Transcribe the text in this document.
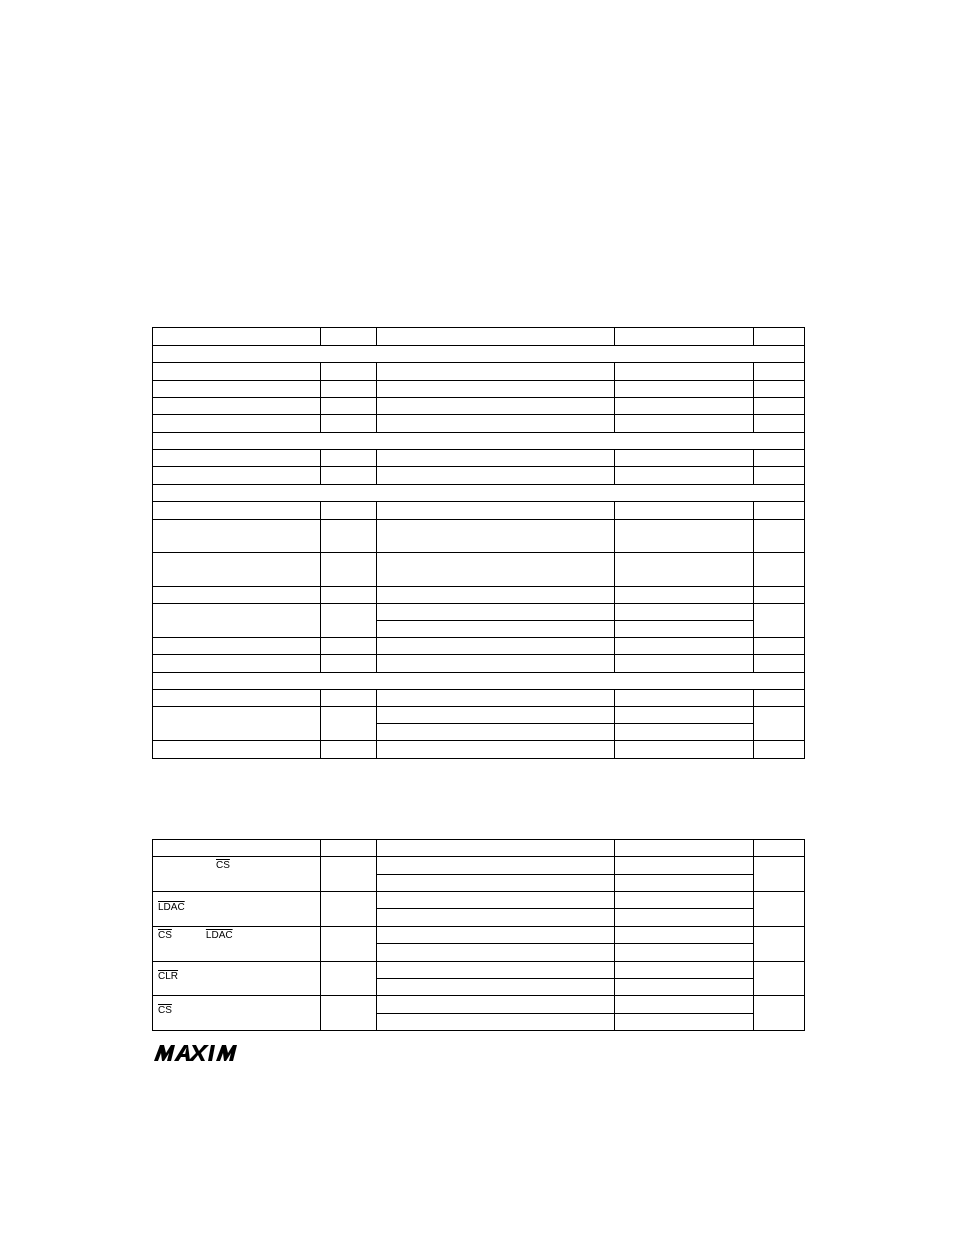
$\overline{CS}$				

LDAC				

$\overline{CS}$ LDAC				

$\overline{CLR}$				

$\overline{CS}$				
